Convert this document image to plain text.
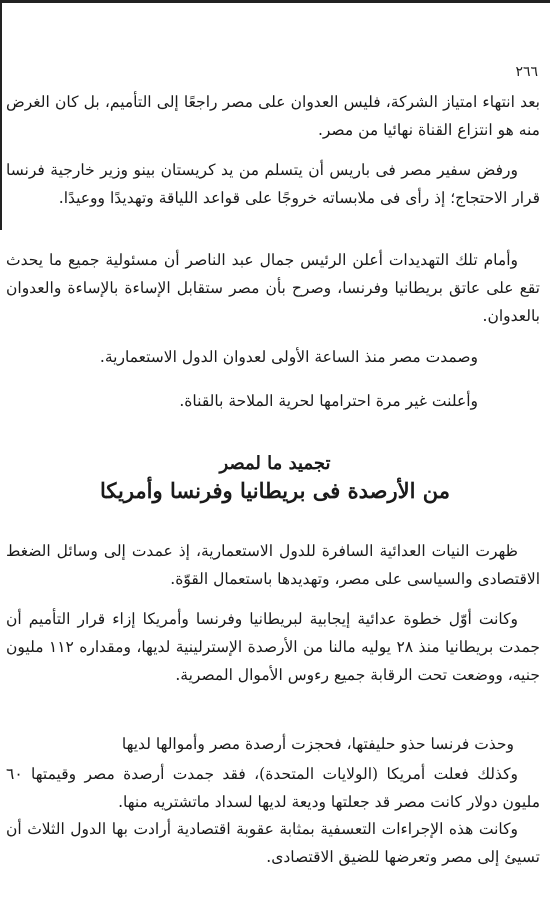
٢٦٦

بعد انتهاء امتياز الشركة، فليس العدوان على مصر راجعًا إلى التأميم، بل كان الغرض منه هو انتزاع القناة نهائيا من مصر.

ورفض سفير مصر فى باريس أن يتسلم من يد كريستان بينو وزير خارجية فرنسا قرار الاحتجاج؛ إذ رأى فى ملابساته خروجًا على قواعد اللياقة وتهديدًا ووعيدًا.

وأمام تلك التهديدات أعلن الرئيس جمال عبد الناصر أن مسئولية جميع ما يحدث تقع على عاتق بريطانيا وفرنسا، وصرح بأن مصر ستقابل الإساءة بالإساءة والعدوان بالعدوان.

وصمدت مصر منذ الساعة الأولى لعدوان الدول الاستعمارية.

وأعلنت غير مرة احترامها لحرية الملاحة بالقناة.

تجميد ما لمصر
من الأرصدة فى بريطانيا وفرنسا وأمريكا

ظهرت النيات العدائية السافرة للدول الاستعمارية، إذ عمدت إلى وسائل الضغط الاقتصادى والسياسى على مصر، وتهديدها باستعمال القوّة.

وكانت أوّل خطوة عدائية إيجابية لبريطانيا وفرنسا وأمريكا إزاء قرار التأميم أن جمدت بريطانيا منذ ٢٨ يوليه مالنا من الأرصدة الإسترلينية لديها، ومقداره ١١٢ مليون جنيه، ووضعت تحت الرقابة جميع رءوس الأموال المصرية.

وحذت فرنسا حذو حليفتها، فحجزت أرصدة مصر وأموالها لديها

وكذلك فعلت أمريكا (الولايات المتحدة)، فقد جمدت أرصدة مصر وقيمتها ٦٠ مليون دولار كانت مصر قد جعلتها وديعة لديها لسداد ماتشتريه منها.

وكانت هذه الإجراءات التعسفية بمثابة عقوبة اقتصادية أرادت بها الدول الثلاث أن تسيئ إلى مصر وتعرضها للضيق الاقتصادى.
